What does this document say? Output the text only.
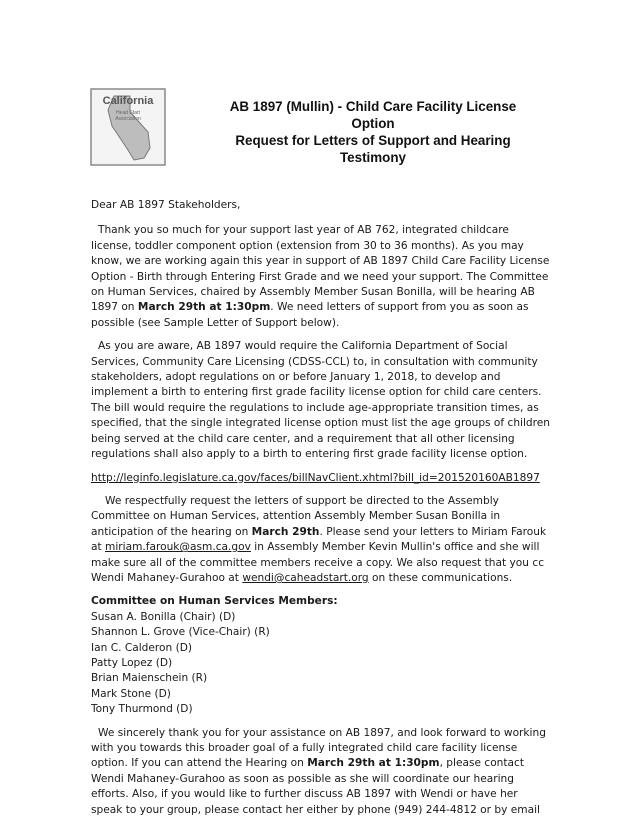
California
Head Start
Association
AB 1897 (Mullin) - Child Care Facility License
Option
Request for Letters of Support and Hearing
Testimony

Dear AB 1897 Stakeholders,

Thank you so much for your support last year of AB 762, integrated childcare

license, toddler component option (extension from 30 to 36 months). As you may

know, we are working again this year in support of AB 1897 Child Care Facility License

Option - Birth through Entering First Grade and we need your support. The Committee

on Human Services, chaired by Assembly Member Susan Bonilla, will be hearing AB

1897 on March 29th at 1:30pm. We need letters of support from you as soon as

possible (see Sample Letter of Support below).

As you are aware, AB 1897 would require the California Department of Social

Services, Community Care Licensing (CDSS-CCL) to, in consultation with community

stakeholders, adopt regulations on or before January 1, 2018, to develop and

implement a birth to entering first grade facility license option for child care centers.

The bill would require the regulations to include age-appropriate transition times, as

specified, that the single integrated license option must list the age groups of children

being served at the child care center, and a requirement that all other licensing

regulations shall also apply to a birth to entering first grade facility license option.

http://leginfo.legislature.ca.gov/faces/billNavClient.xhtml?bill_id=201520160AB1897

We respectfully request the letters of support be directed to the Assembly

Committee on Human Services, attention Assembly Member Susan Bonilla in

anticipation of the hearing on March 29th. Please send your letters to Miriam Farouk

at miriam.farouk@asm.ca.gov in Assembly Member Kevin Mullin's office and she will

make sure all of the committee members receive a copy. We also request that you cc

Wendi Mahaney-Gurahoo at wendi@caheadstart.org on these communications.

Committee on Human Services Members:

Susan A. Bonilla (Chair) (D)

Shannon L. Grove (Vice-Chair) (R)

Ian C. Calderon (D)

Patty Lopez (D)

Brian Maienschein (R)

Mark Stone (D)

Tony Thurmond (D)

We sincerely thank you for your assistance on AB 1897, and look forward to working

with you towards this broader goal of a fully integrated child care facility license

option. If you can attend the Hearing on March 29th at 1:30pm, please contact

Wendi Mahaney-Gurahoo as soon as possible as she will coordinate our hearing

efforts. Also, if you would like to further discuss AB 1897 with Wendi or have her

speak to your group, please contact her either by phone (949) 244-4812 or by email
